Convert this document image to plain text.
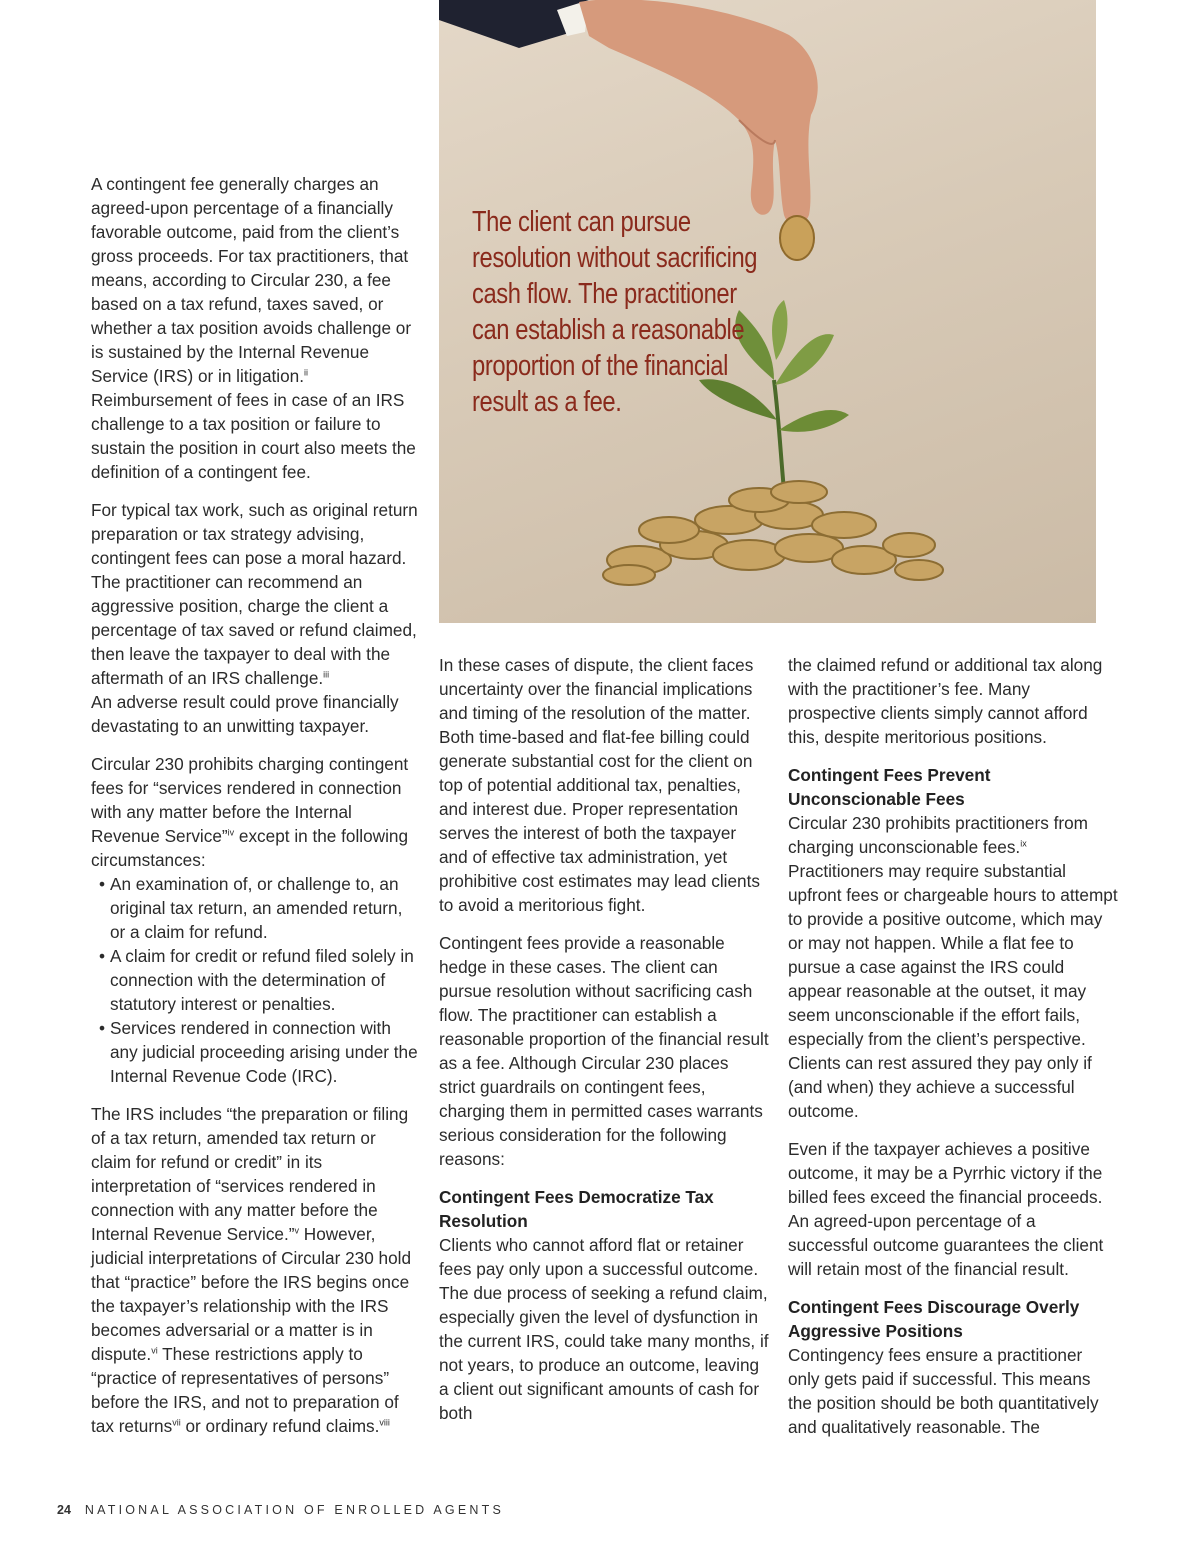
The client can pursue resolution without sacrificing cash flow. The practitioner can establish a reasonable proportion of the financial result as a fee.

A contingent fee generally charges an agreed-upon percentage of a financially favorable outcome, paid from the client’s gross proceeds. For tax practitioners, that means, according to Circular 230, a fee based on a tax refund, taxes saved, or whether a tax position avoids challenge or is sustained by the Internal Revenue Service (IRS) or in litigation.$^{ii}$
Reimbursement of fees in case of an IRS challenge to a tax position or failure to sustain the position in court also meets the definition of a contingent fee.

For typical tax work, such as original return preparation or tax strategy advising, contingent fees can pose a moral hazard. The practitioner can recommend an aggressive position, charge the client a percentage of tax saved or refund claimed, then leave the taxpayer to deal with the aftermath of an IRS challenge.$^{iii}$
An adverse result could prove financially devastating to an unwitting taxpayer.

Circular 230 prohibits charging contingent fees for “services rendered in connection with any matter before the Internal Revenue Service”$^{iv}$ except in the following circumstances:

• An examination of, or challenge to, an original tax return, an amended return, or a claim for refund.
• A claim for credit or refund filed solely in connection with the determination of statutory interest or penalties.
• Services rendered in connection with any judicial proceeding arising under the Internal Revenue Code (IRC).

The IRS includes “the preparation or filing of a tax return, amended tax return or claim for refund or credit” in its interpretation of “services rendered in connection with any matter before the Internal Revenue Service.”$^v$ However, judicial interpretations of Circular 230 hold that “practice” before the IRS begins once the taxpayer’s relationship with the IRS becomes adversarial or a matter is in dispute.$^{vi}$ These restrictions apply to “practice of representatives of persons” before the IRS, and not to preparation of tax returns$^{vii}$ or ordinary refund claims.$^{viii}$

In these cases of dispute, the client faces uncertainty over the financial implications and timing of the resolution of the matter. Both time-based and flat-fee billing could generate substantial cost for the client on top of potential additional tax, penalties, and interest due. Proper representation serves the interest of both the taxpayer and of effective tax administration, yet prohibitive cost estimates may lead clients to avoid a meritorious fight.

Contingent fees provide a reasonable hedge in these cases. The client can pursue resolution without sacrificing cash flow. The practitioner can establish a reasonable proportion of the financial result as a fee. Although Circular 230 places strict guardrails on contingent fees, charging them in permitted cases warrants serious consideration for the following reasons:

Contingent Fees Democratize Tax Resolution

Clients who cannot afford flat or retainer fees pay only upon a successful outcome. The due process of seeking a refund claim, especially given the level of dysfunction in the current IRS, could take many months, if not years, to produce an outcome, leaving a client out significant amounts of cash for both

the claimed refund or additional tax along with the practitioner’s fee. Many prospective clients simply cannot afford this, despite meritorious positions.

Contingent Fees Prevent Unconscionable Fees

Circular 230 prohibits practitioners from charging unconscionable fees.$^{ix}$ Practitioners may require substantial upfront fees or chargeable hours to attempt to provide a positive outcome, which may or may not happen. While a flat fee to pursue a case against the IRS could appear reasonable at the outset, it may seem unconscionable if the effort fails, especially from the client’s perspective. Clients can rest assured they pay only if (and when) they achieve a successful outcome.

Even if the taxpayer achieves a positive outcome, it may be a Pyrrhic victory if the billed fees exceed the financial proceeds. An agreed-upon percentage of a successful outcome guarantees the client will retain most of the financial result.

Contingent Fees Discourage Overly Aggressive Positions

Contingency fees ensure a practitioner only gets paid if successful. This means the position should be both quantitatively and qualitatively reasonable. The

24 NATIONAL ASSOCIATION OF ENROLLED AGENTS
